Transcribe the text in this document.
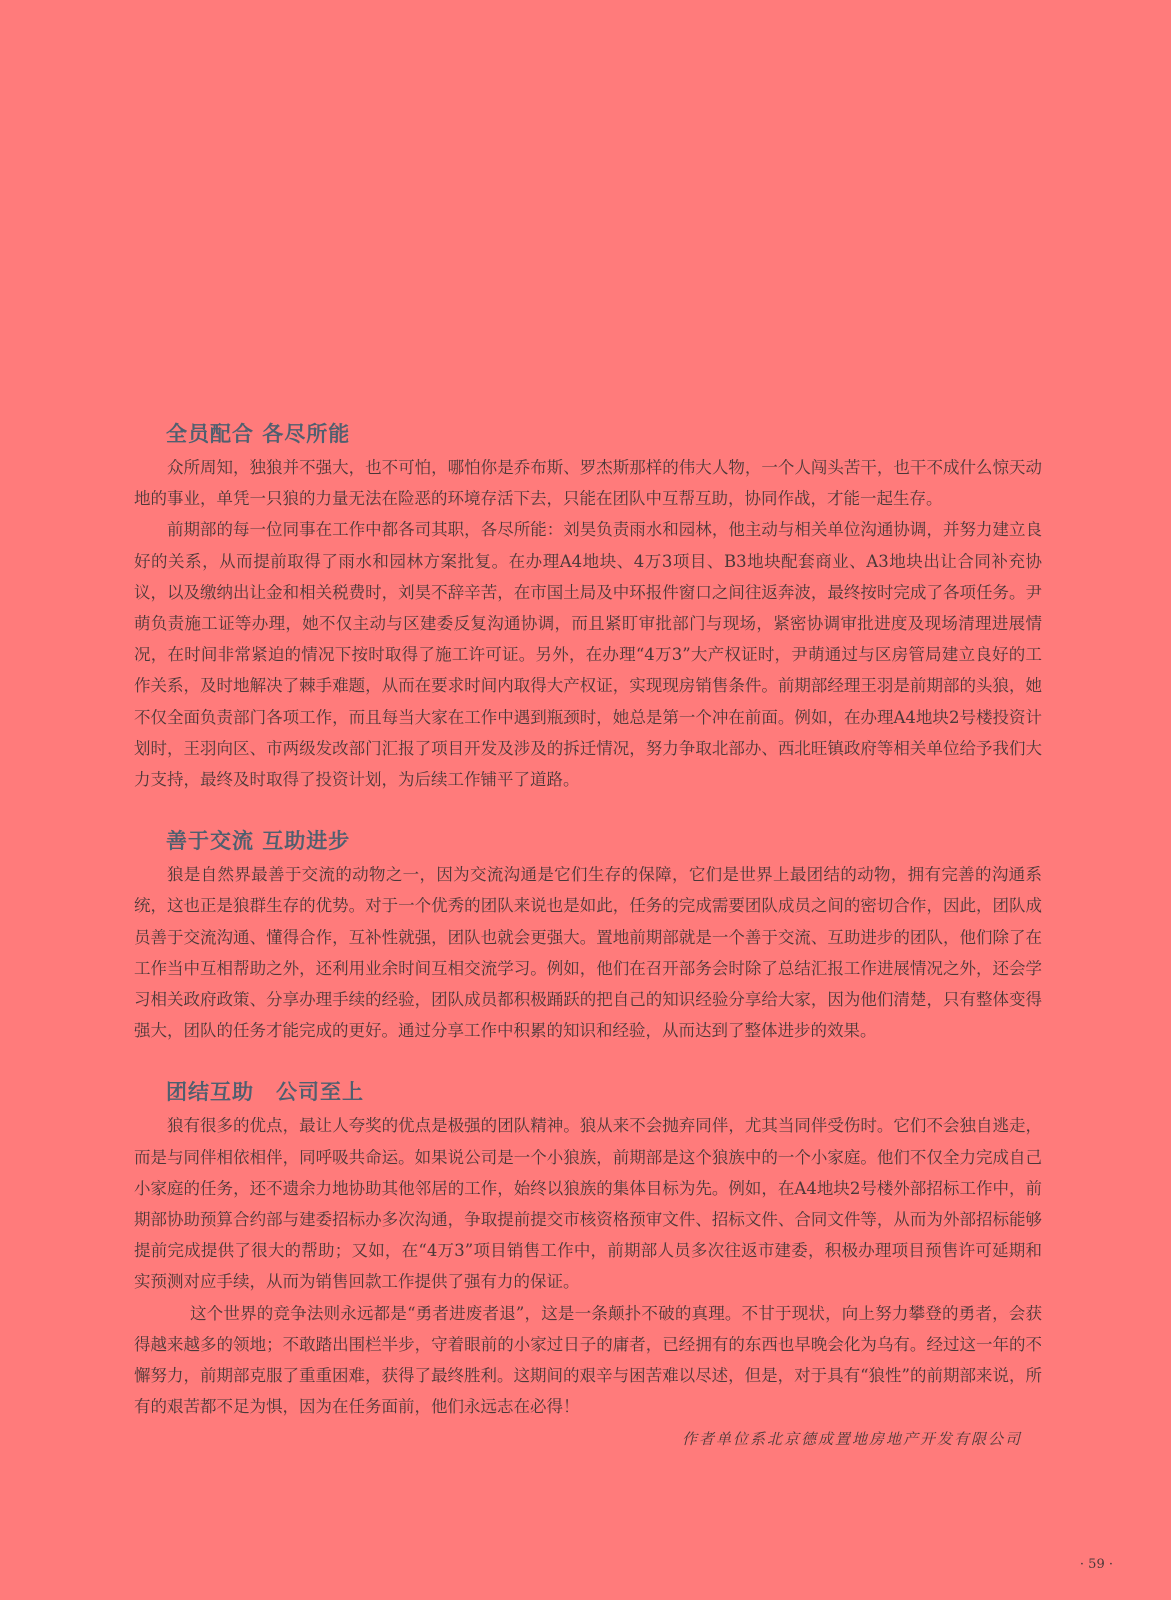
全员配合 各尽所能

众所周知，独狼并不强大，也不可怕，哪怕你是乔布斯、罗杰斯那样的伟大人物，一个人闯头苦干，也干不成什么惊天动地的事业，单凭一只狼的力量无法在险恶的环境存活下去，只能在团队中互帮互助，协同作战，才能一起生存。

前期部的每一位同事在工作中都各司其职，各尽所能：刘昊负责雨水和园林，他主动与相关单位沟通协调，并努力建立良好的关系，从而提前取得了雨水和园林方案批复。在办理A4地块、4万3项目、B3地块配套商业、A3地块出让合同补充协议，以及缴纳出让金和相关税费时，刘昊不辞辛苦，在市国土局及中环报件窗口之间往返奔波，最终按时完成了各项任务。尹萌负责施工证等办理，她不仅主动与区建委反复沟通协调，而且紧盯审批部门与现场，紧密协调审批进度及现场清理进展情况，在时间非常紧迫的情况下按时取得了施工许可证。另外，在办理“4万3”大产权证时，尹萌通过与区房管局建立良好的工作关系，及时地解决了棘手难题，从而在要求时间内取得大产权证，实现现房销售条件。前期部经理王羽是前期部的头狼，她不仅全面负责部门各项工作，而且每当大家在工作中遇到瓶颈时，她总是第一个冲在前面。例如，在办理A4地块2号楼投资计划时，王羽向区、市两级发改部门汇报了项目开发及涉及的拆迁情况，努力争取北部办、西北旺镇政府等相关单位给予我们大力支持，最终及时取得了投资计划，为后续工作铺平了道路。

善于交流 互助进步

狼是自然界最善于交流的动物之一，因为交流沟通是它们生存的保障，它们是世界上最团结的动物，拥有完善的沟通系统，这也正是狼群生存的优势。对于一个优秀的团队来说也是如此，任务的完成需要团队成员之间的密切合作，因此，团队成员善于交流沟通、懂得合作，互补性就强，团队也就会更强大。置地前期部就是一个善于交流、互助进步的团队，他们除了在工作当中互相帮助之外，还利用业余时间互相交流学习。例如，他们在召开部务会时除了总结汇报工作进展情况之外，还会学习相关政府政策、分享办理手续的经验，团队成员都积极踊跃的把自己的知识经验分享给大家，因为他们清楚，只有整体变得强大，团队的任务才能完成的更好。通过分享工作中积累的知识和经验，从而达到了整体进步的效果。

团结互助　公司至上

狼有很多的优点，最让人夸奖的优点是极强的团队精神。狼从来不会抛弃同伴，尤其当同伴受伤时。它们不会独自逃走，而是与同伴相依相伴，同呼吸共命运。如果说公司是一个小狼族，前期部是这个狼族中的一个小家庭。他们不仅全力完成自己小家庭的任务，还不遗余力地协助其他邻居的工作，始终以狼族的集体目标为先。例如，在A4地块2号楼外部招标工作中，前期部协助预算合约部与建委招标办多次沟通，争取提前提交市核资格预审文件、招标文件、合同文件等，从而为外部招标能够提前完成提供了很大的帮助；又如，在“4万3”项目销售工作中，前期部人员多次往返市建委，积极办理项目预售许可延期和实预测对应手续，从而为销售回款工作提供了强有力的保证。

这个世界的竞争法则永远都是“勇者进废者退”，这是一条颠扑不破的真理。不甘于现状，向上努力攀登的勇者，会获得越来越多的领地；不敢踏出围栏半步，守着眼前的小家过日子的庸者，已经拥有的东西也早晚会化为乌有。经过这一年的不懈努力，前期部克服了重重困难，获得了最终胜利。这期间的艰辛与困苦难以尽述，但是，对于具有“狼性”的前期部来说，所有的艰苦都不足为惧，因为在任务面前，他们永远志在必得！

作者单位系北京德成置地房地产开发有限公司

· 59 ·
